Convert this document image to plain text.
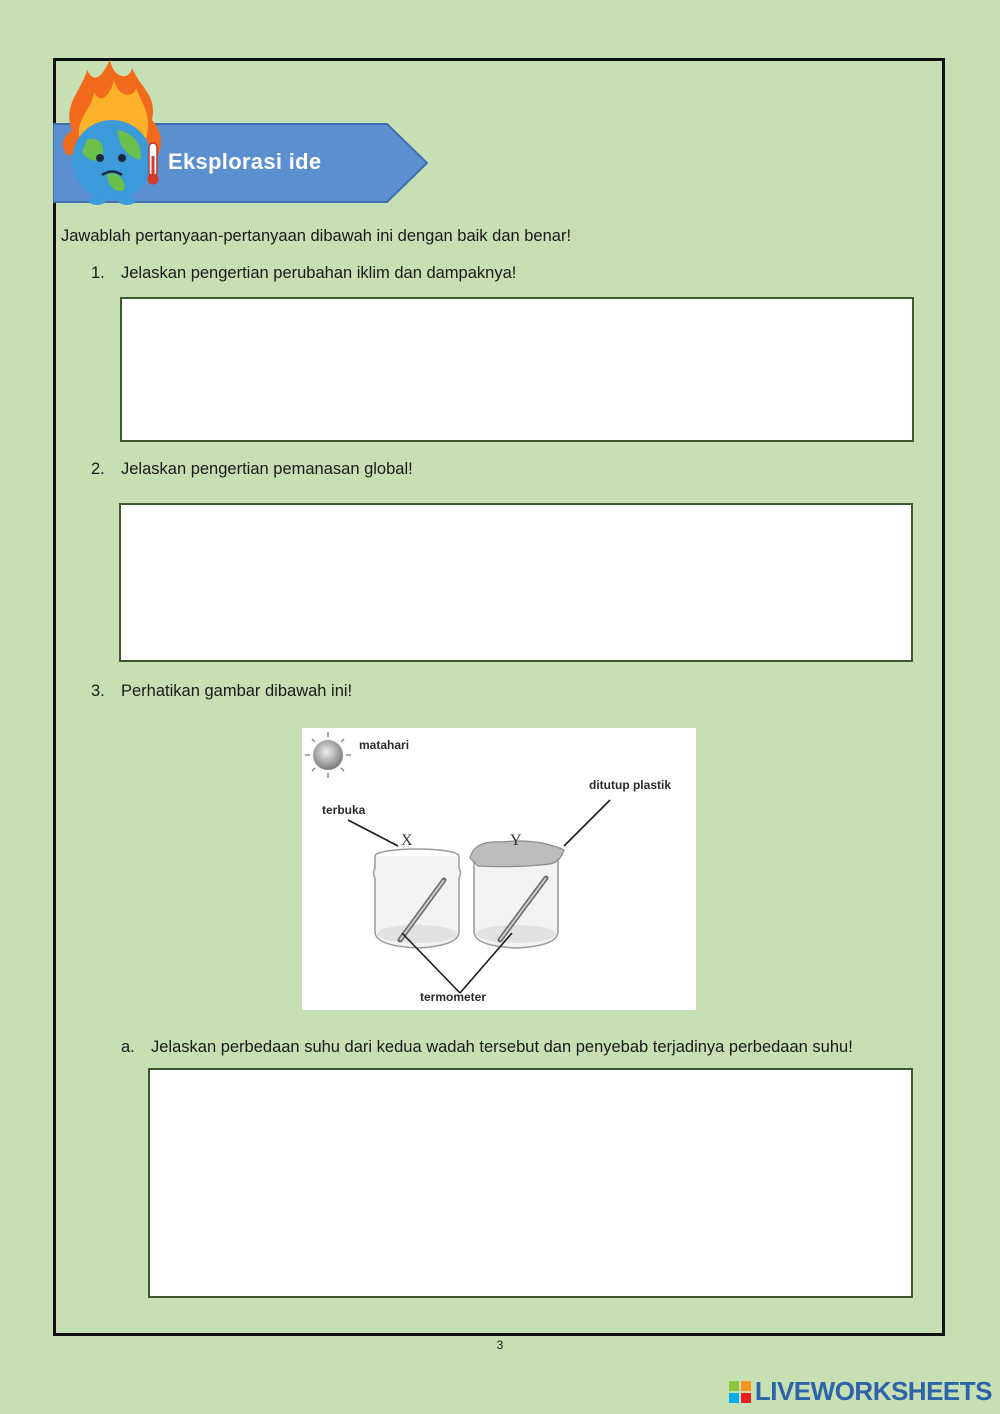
Eksplorasi ide
Jawablah pertanyaan-pertanyaan dibawah ini dengan baik dan benar!
1. Jelaskan pengertian perubahan iklim dan dampaknya!
2. Jelaskan pengertian pemanasan global!
3. Perhatikan gambar dibawah ini!
matahari
terbuka
ditutup plastik
X	Y
termometer
a. Jelaskan perbedaan suhu dari kedua wadah tersebut dan penyebab terjadinya perbedaan suhu!
3
LIVEWORKSHEETS
